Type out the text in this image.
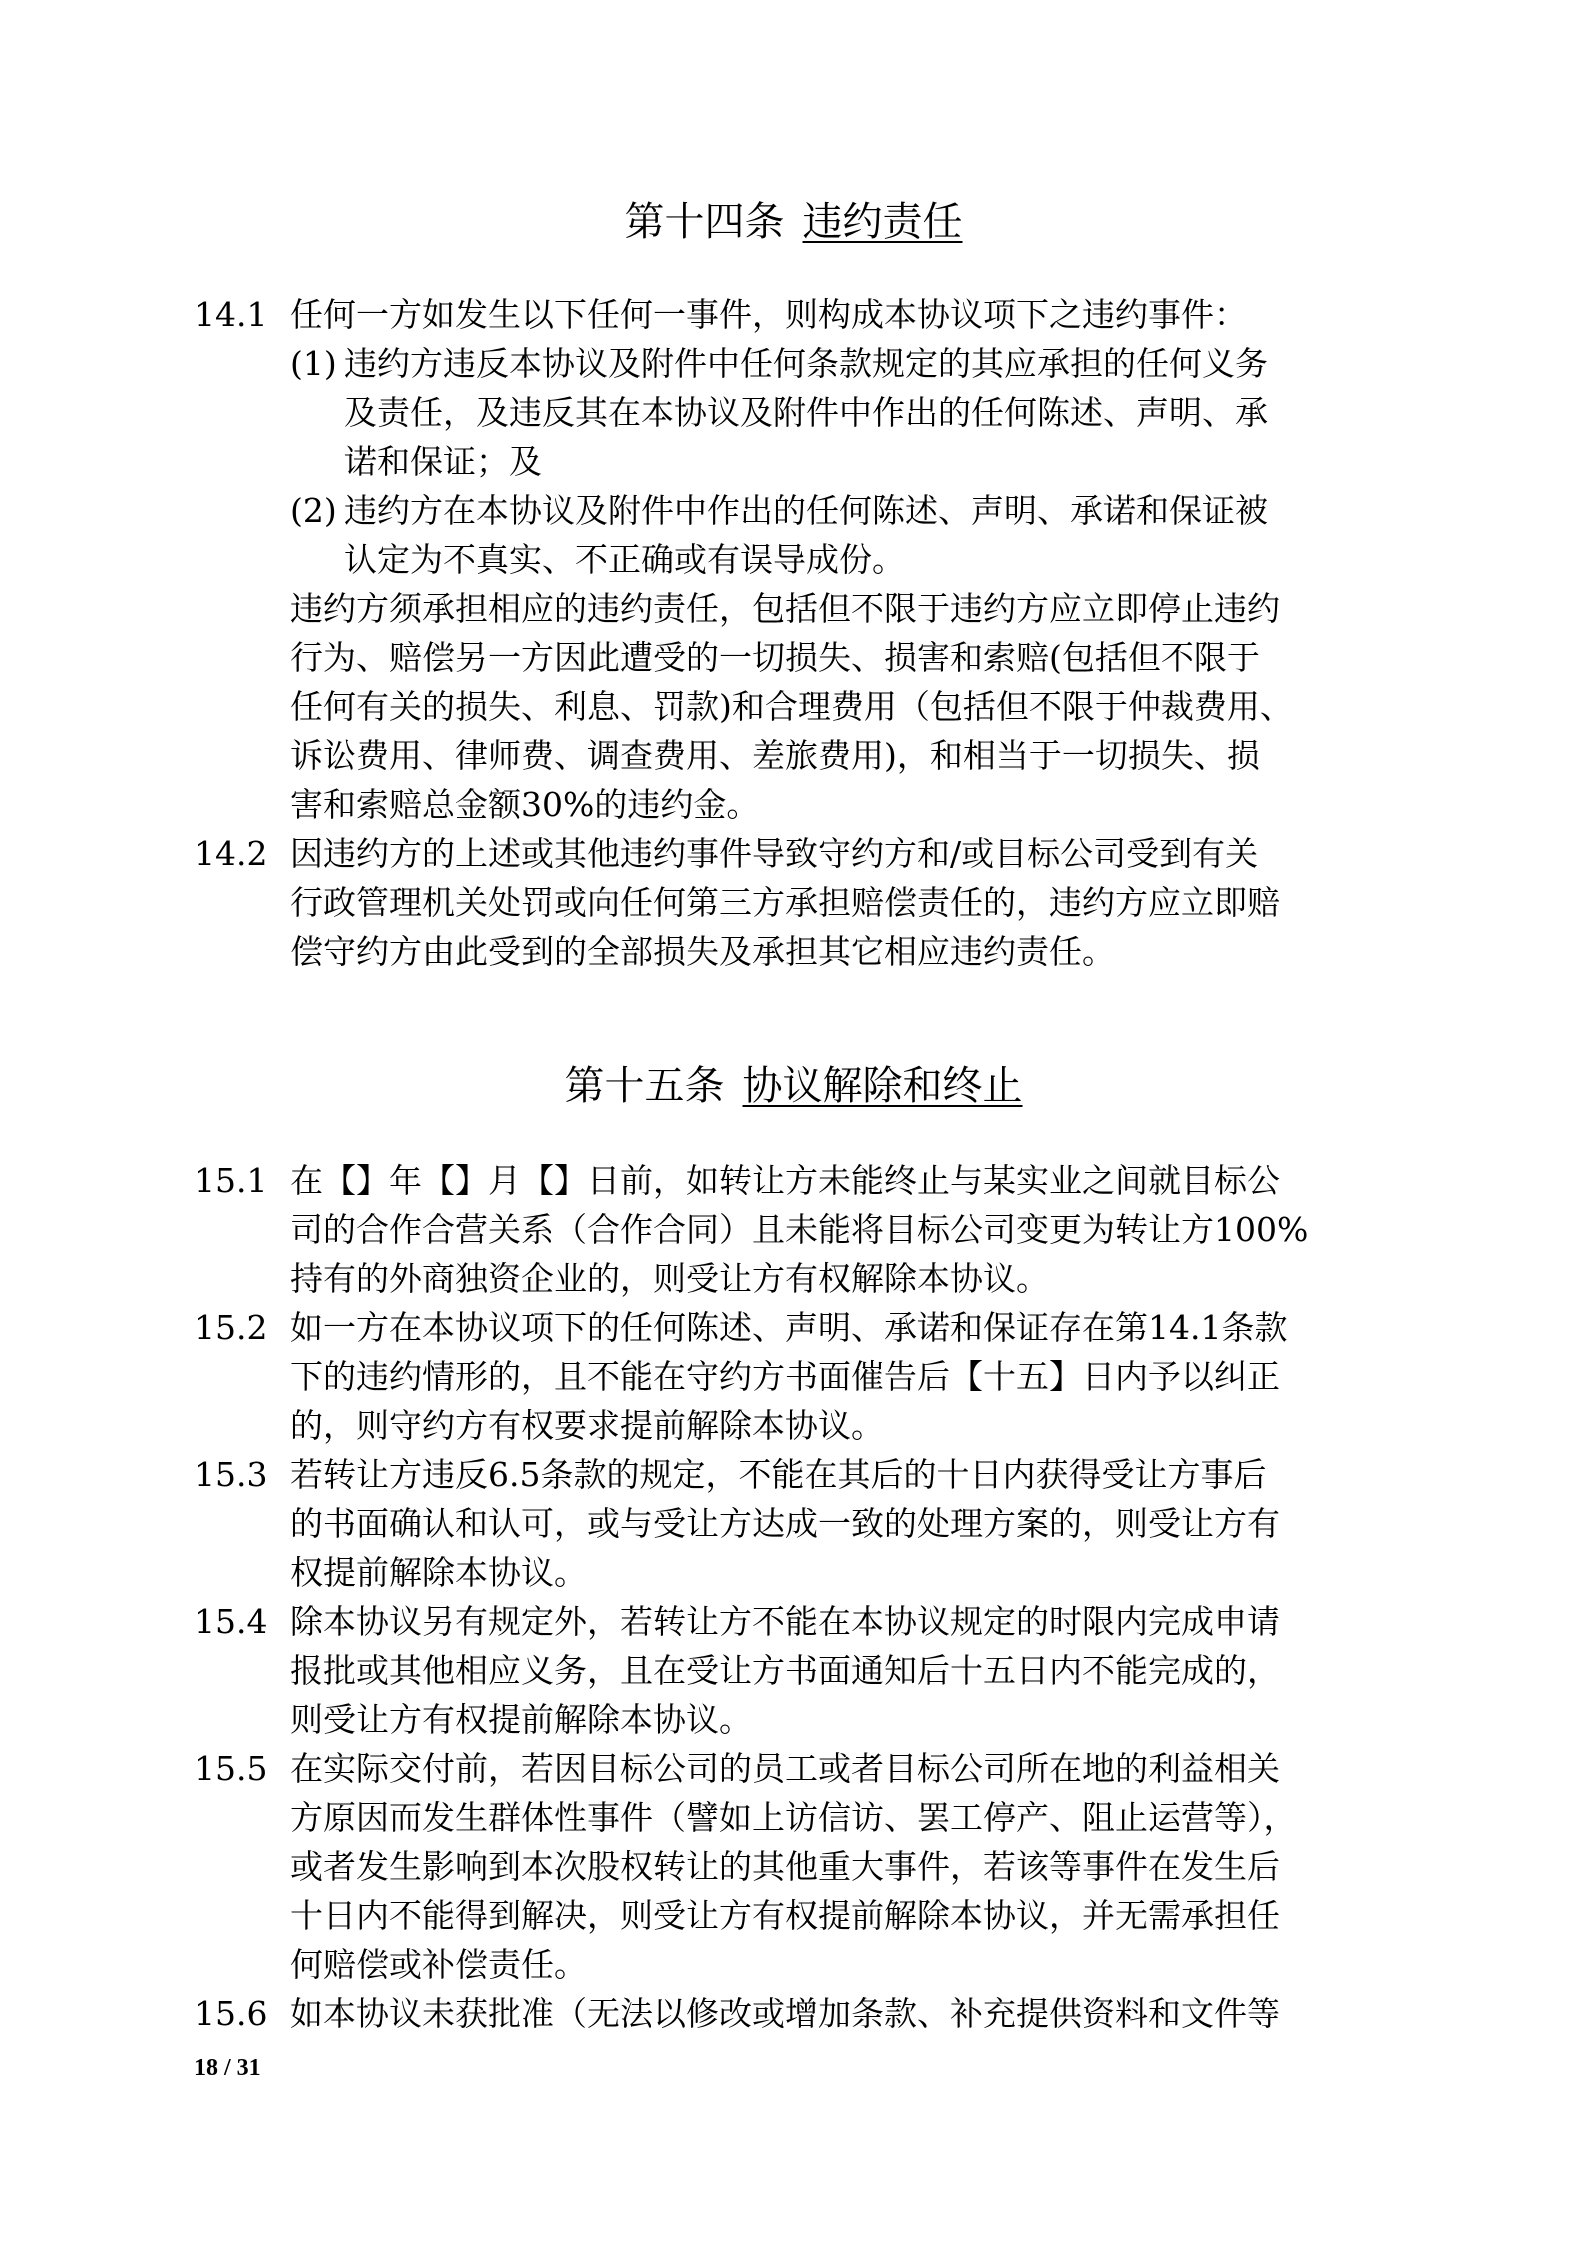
第十四条 违约责任
14.1 任何一方如发生以下任何一事件，则构成本协议项下之违约事件：
(1) 违约方违反本协议及附件中任何条款规定的其应承担的任何义务
及责任，及违反其在本协议及附件中作出的任何陈述、声明、承
诺和保证；及
(2) 违约方在本协议及附件中作出的任何陈述、声明、承诺和保证被
认定为不真实、不正确或有误导成份。
违约方须承担相应的违约责任，包括但不限于违约方应立即停止违约
行为、赔偿另一方因此遭受的一切损失、损害和索赔(包括但不限于
任何有关的损失、利息、罚款)和合理费用（包括但不限于仲裁费用、
诉讼费用、律师费、调查费用、差旅费用)，和相当于一切损失、损
害和索赔总金额30%的违约金。
14.2 因违约方的上述或其他违约事件导致守约方和/或目标公司受到有关
行政管理机关处罚或向任何第三方承担赔偿责任的，违约方应立即赔
偿守约方由此受到的全部损失及承担其它相应违约责任。
第十五条 协议解除和终止
15.1 在【】年【】月【】日前，如转让方未能终止与某实业之间就目标公
司的合作合营关系（合作合同）且未能将目标公司变更为转让方100%
持有的外商独资企业的，则受让方有权解除本协议。
15.2 如一方在本协议项下的任何陈述、声明、承诺和保证存在第14.1条款
下的违约情形的，且不能在守约方书面催告后【十五】日内予以纠正
的，则守约方有权要求提前解除本协议。
15.3 若转让方违反6.5条款的规定，不能在其后的十日内获得受让方事后
的书面确认和认可，或与受让方达成一致的处理方案的，则受让方有
权提前解除本协议。
15.4 除本协议另有规定外，若转让方不能在本协议规定的时限内完成申请
报批或其他相应义务，且在受让方书面通知后十五日内不能完成的，
则受让方有权提前解除本协议。
15.5 在实际交付前，若因目标公司的员工或者目标公司所在地的利益相关
方原因而发生群体性事件（譬如上访信访、罢工停产、阻止运营等），
或者发生影响到本次股权转让的其他重大事件，若该等事件在发生后
十日内不能得到解决，则受让方有权提前解除本协议，并无需承担任
何赔偿或补偿责任。
15.6 如本协议未获批准（无法以修改或增加条款、补充提供资料和文件等
18 / 31
